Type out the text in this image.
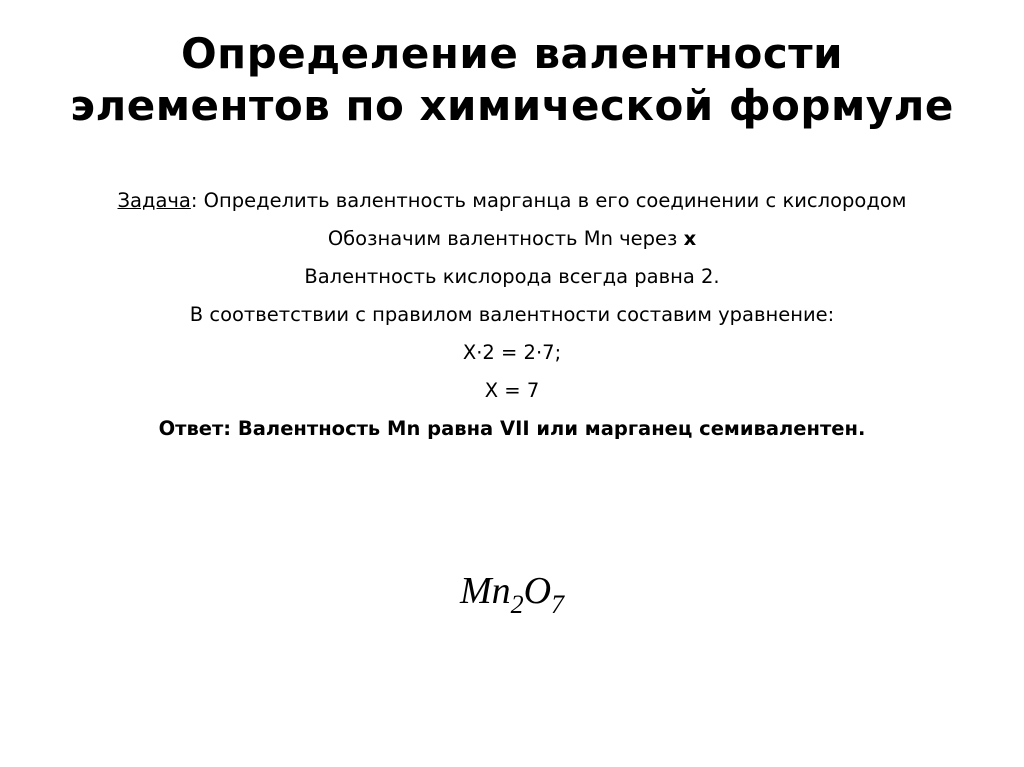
Определение валентности
элементов по химической формуле
Задача: Определить валентность марганца в его соединении с кислородом
Обозначим валентность Mn через x
Валентность кислорода всегда равна 2.
В соответствии с правилом валентности составим уравнение:
X·2 = 2·7;
X = 7
Ответ: Валентность Mn равна VII или марганец семивалентен.
$Mn_2O_7$
